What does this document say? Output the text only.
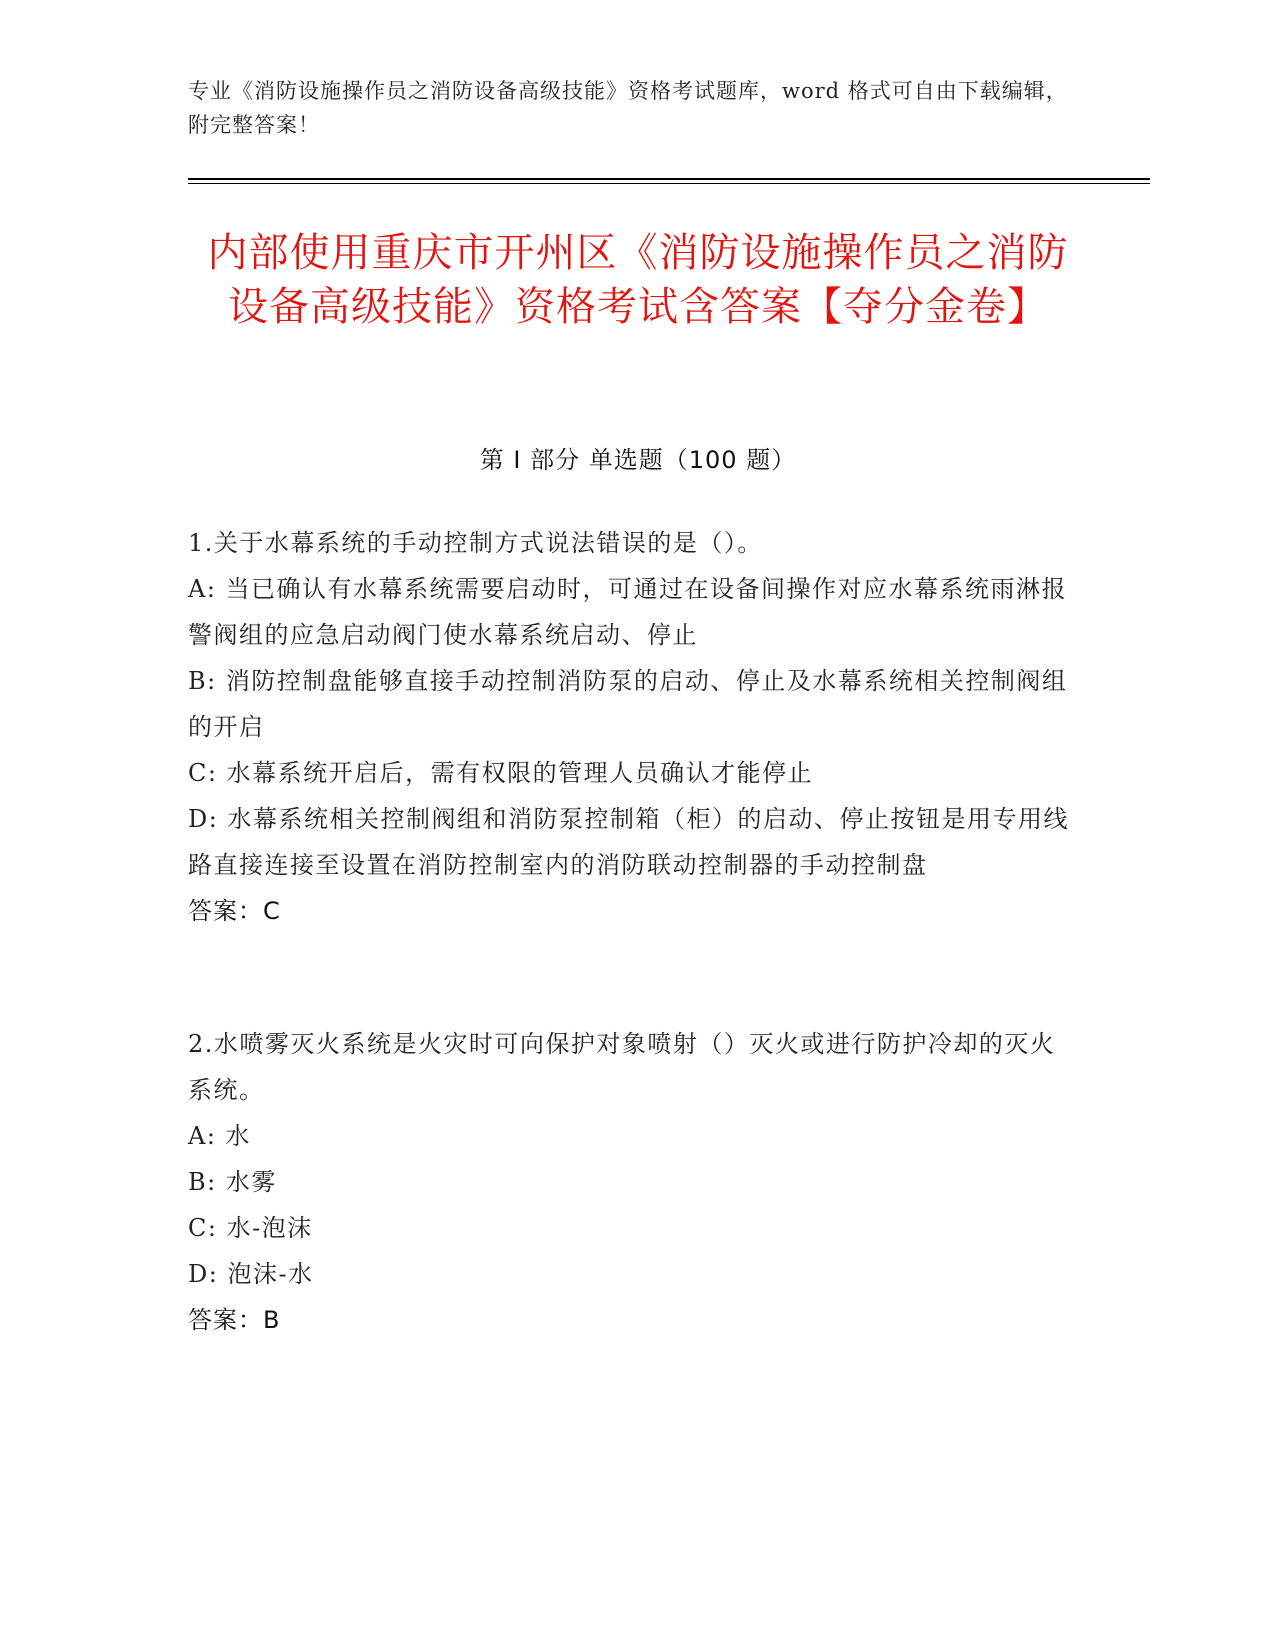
专业《消防设施操作员之消防设备高级技能》资格考试题库，word 格式可自由下载编辑，附完整答案！
内部使用重庆市开州区《消防设施操作员之消防设备高级技能》资格考试含答案【夺分金卷】
第 I 部分 单选题（100 题）

1.关于水幕系统的手动控制方式说法错误的是（）。

A: 当已确认有水幕系统需要启动时，可通过在设备间操作对应水幕系统雨淋报警阀组的应急启动阀门使水幕系统启动、停止

B: 消防控制盘能够直接手动控制消防泵的启动、停止及水幕系统相关控制阀组的开启

C: 水幕系统开启后，需有权限的管理人员确认才能停止

D: 水幕系统相关控制阀组和消防泵控制箱（柜）的启动、停止按钮是用专用线路直接连接至设置在消防控制室内的消防联动控制器的手动控制盘

答案：C

2.水喷雾灭火系统是火灾时可向保护对象喷射（）灭火或进行防护冷却的灭火系统。

A: 水

B: 水雾

C: 水-泡沫

D: 泡沫-水

答案：B
